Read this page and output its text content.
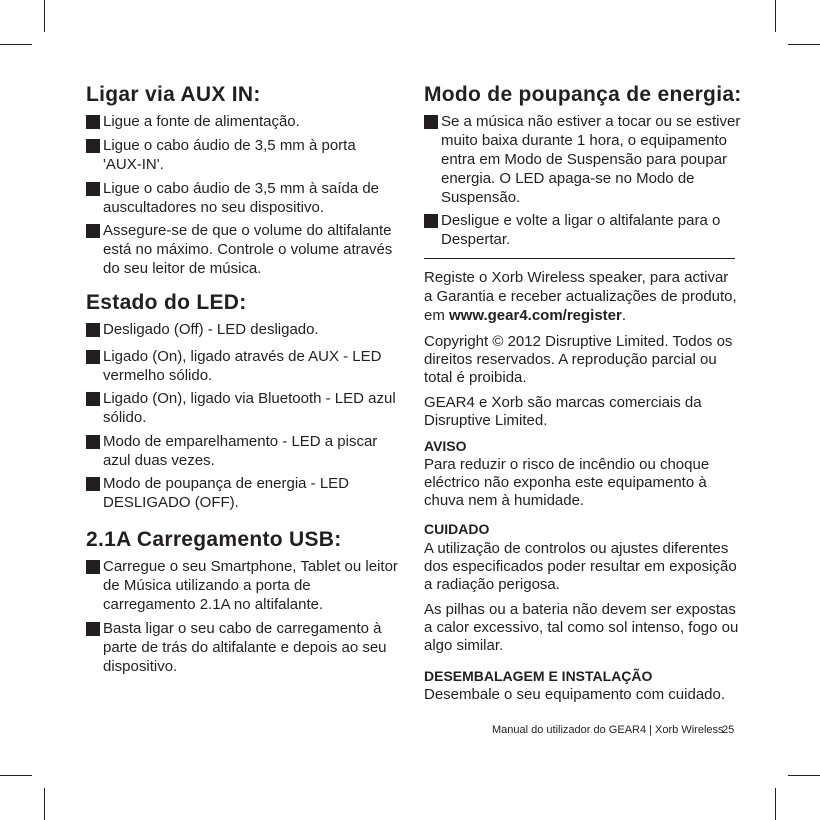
Ligar via AUX IN:
Ligue a fonte de alimentação.
Ligue o cabo áudio de 3,5 mm à porta
'AUX-IN'.
Ligue o cabo áudio de 3,5 mm à saída de
auscultadores no seu dispositivo.
Assegure-se de que o volume do altifalante
está no máximo. Controle o volume através
do seu leitor de música.
Estado do LED:
Desligado (Off) - LED desligado.
Ligado (On), ligado através de AUX - LED
vermelho sólido.
Ligado (On), ligado via Bluetooth - LED azul
sólido.
Modo de emparelhamento - LED a piscar
azul duas vezes.
Modo de poupança de energia - LED
DESLIGADO (OFF).
2.1A Carregamento USB:
Carregue o seu Smartphone, Tablet ou leitor
de Música utilizando a porta de
carregamento 2.1A no altifalante.
Basta ligar o seu cabo de carregamento à
parte de trás do altifalante e depois ao seu
dispositivo.
Modo de poupança de energia:
Se a música não estiver a tocar ou se estiver
muito baixa durante 1 hora, o equipamento
entra em Modo de Suspensão para poupar
energia. O LED apaga-se no Modo de
Suspensão.
Desligue e volte a ligar o altifalante para o
Despertar.
Registe o Xorb Wireless speaker, para activar
a Garantia e receber actualizações de produto,
em www.gear4.com/register.
Copyright © 2012 Disruptive Limited. Todos os
direitos reservados. A reprodução parcial ou
total é proibida.
GEAR4 e Xorb são marcas comerciais da
Disruptive Limited.
AVISO
Para reduzir o risco de incêndio ou choque
eléctrico não exponha este equipamento à
chuva nem à humidade.
CUIDADO
A utilização de controlos ou ajustes diferentes
dos especificados poder resultar em exposição
a radiação perigosa.
As pilhas ou a bateria não devem ser expostas
a calor excessivo, tal como sol intenso, fogo ou
algo similar.
DESEMBALAGEM E INSTALAÇÃO
Desembale o seu equipamento com cuidado.
Manual do utilizador do GEAR4 | Xorb Wireless
25
